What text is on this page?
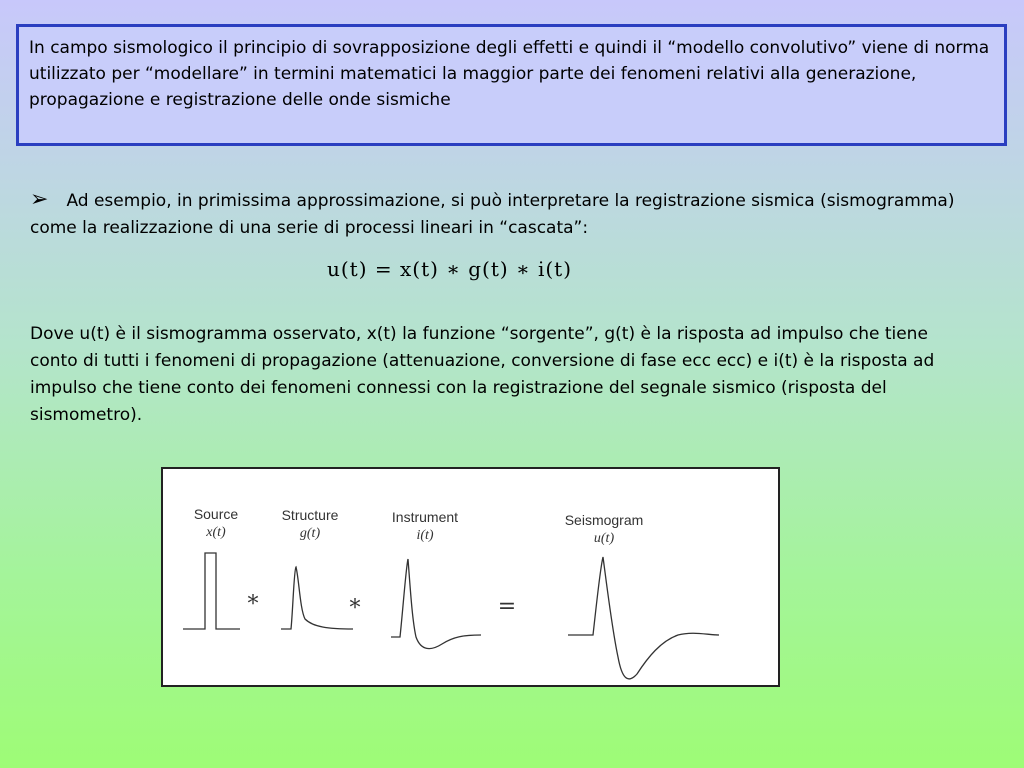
In campo sismologico il principio di sovrapposizione degli effetti e quindi il “modello convolutivo” viene di norma utilizzato per “modellare” in termini matematici la maggior parte dei fenomeni relativi alla generazione, propagazione e registrazione delle onde sismiche
➢ Ad esempio, in primissima approssimazione, si può interpretare la registrazione sismica (sismogramma) come la realizzazione di una serie di processi lineari in “cascata”:
u(t) = x(t) ∗ g(t) ∗ i(t)
Dove u(t) è il sismogramma osservato, x(t) la funzione “sorgente”, g(t) è la risposta ad impulso che tiene conto di tutti i fenomeni di propagazione (attenuazione, conversione di fase ecc ecc) e i(t) è la risposta ad impulso che tiene conto dei fenomeni connessi con la registrazione del segnale sismico (risposta del sismometro).
Source
x(t)
Structure
g(t)
Instrument
i(t)
Seismogram
u(t)
*	*	=
